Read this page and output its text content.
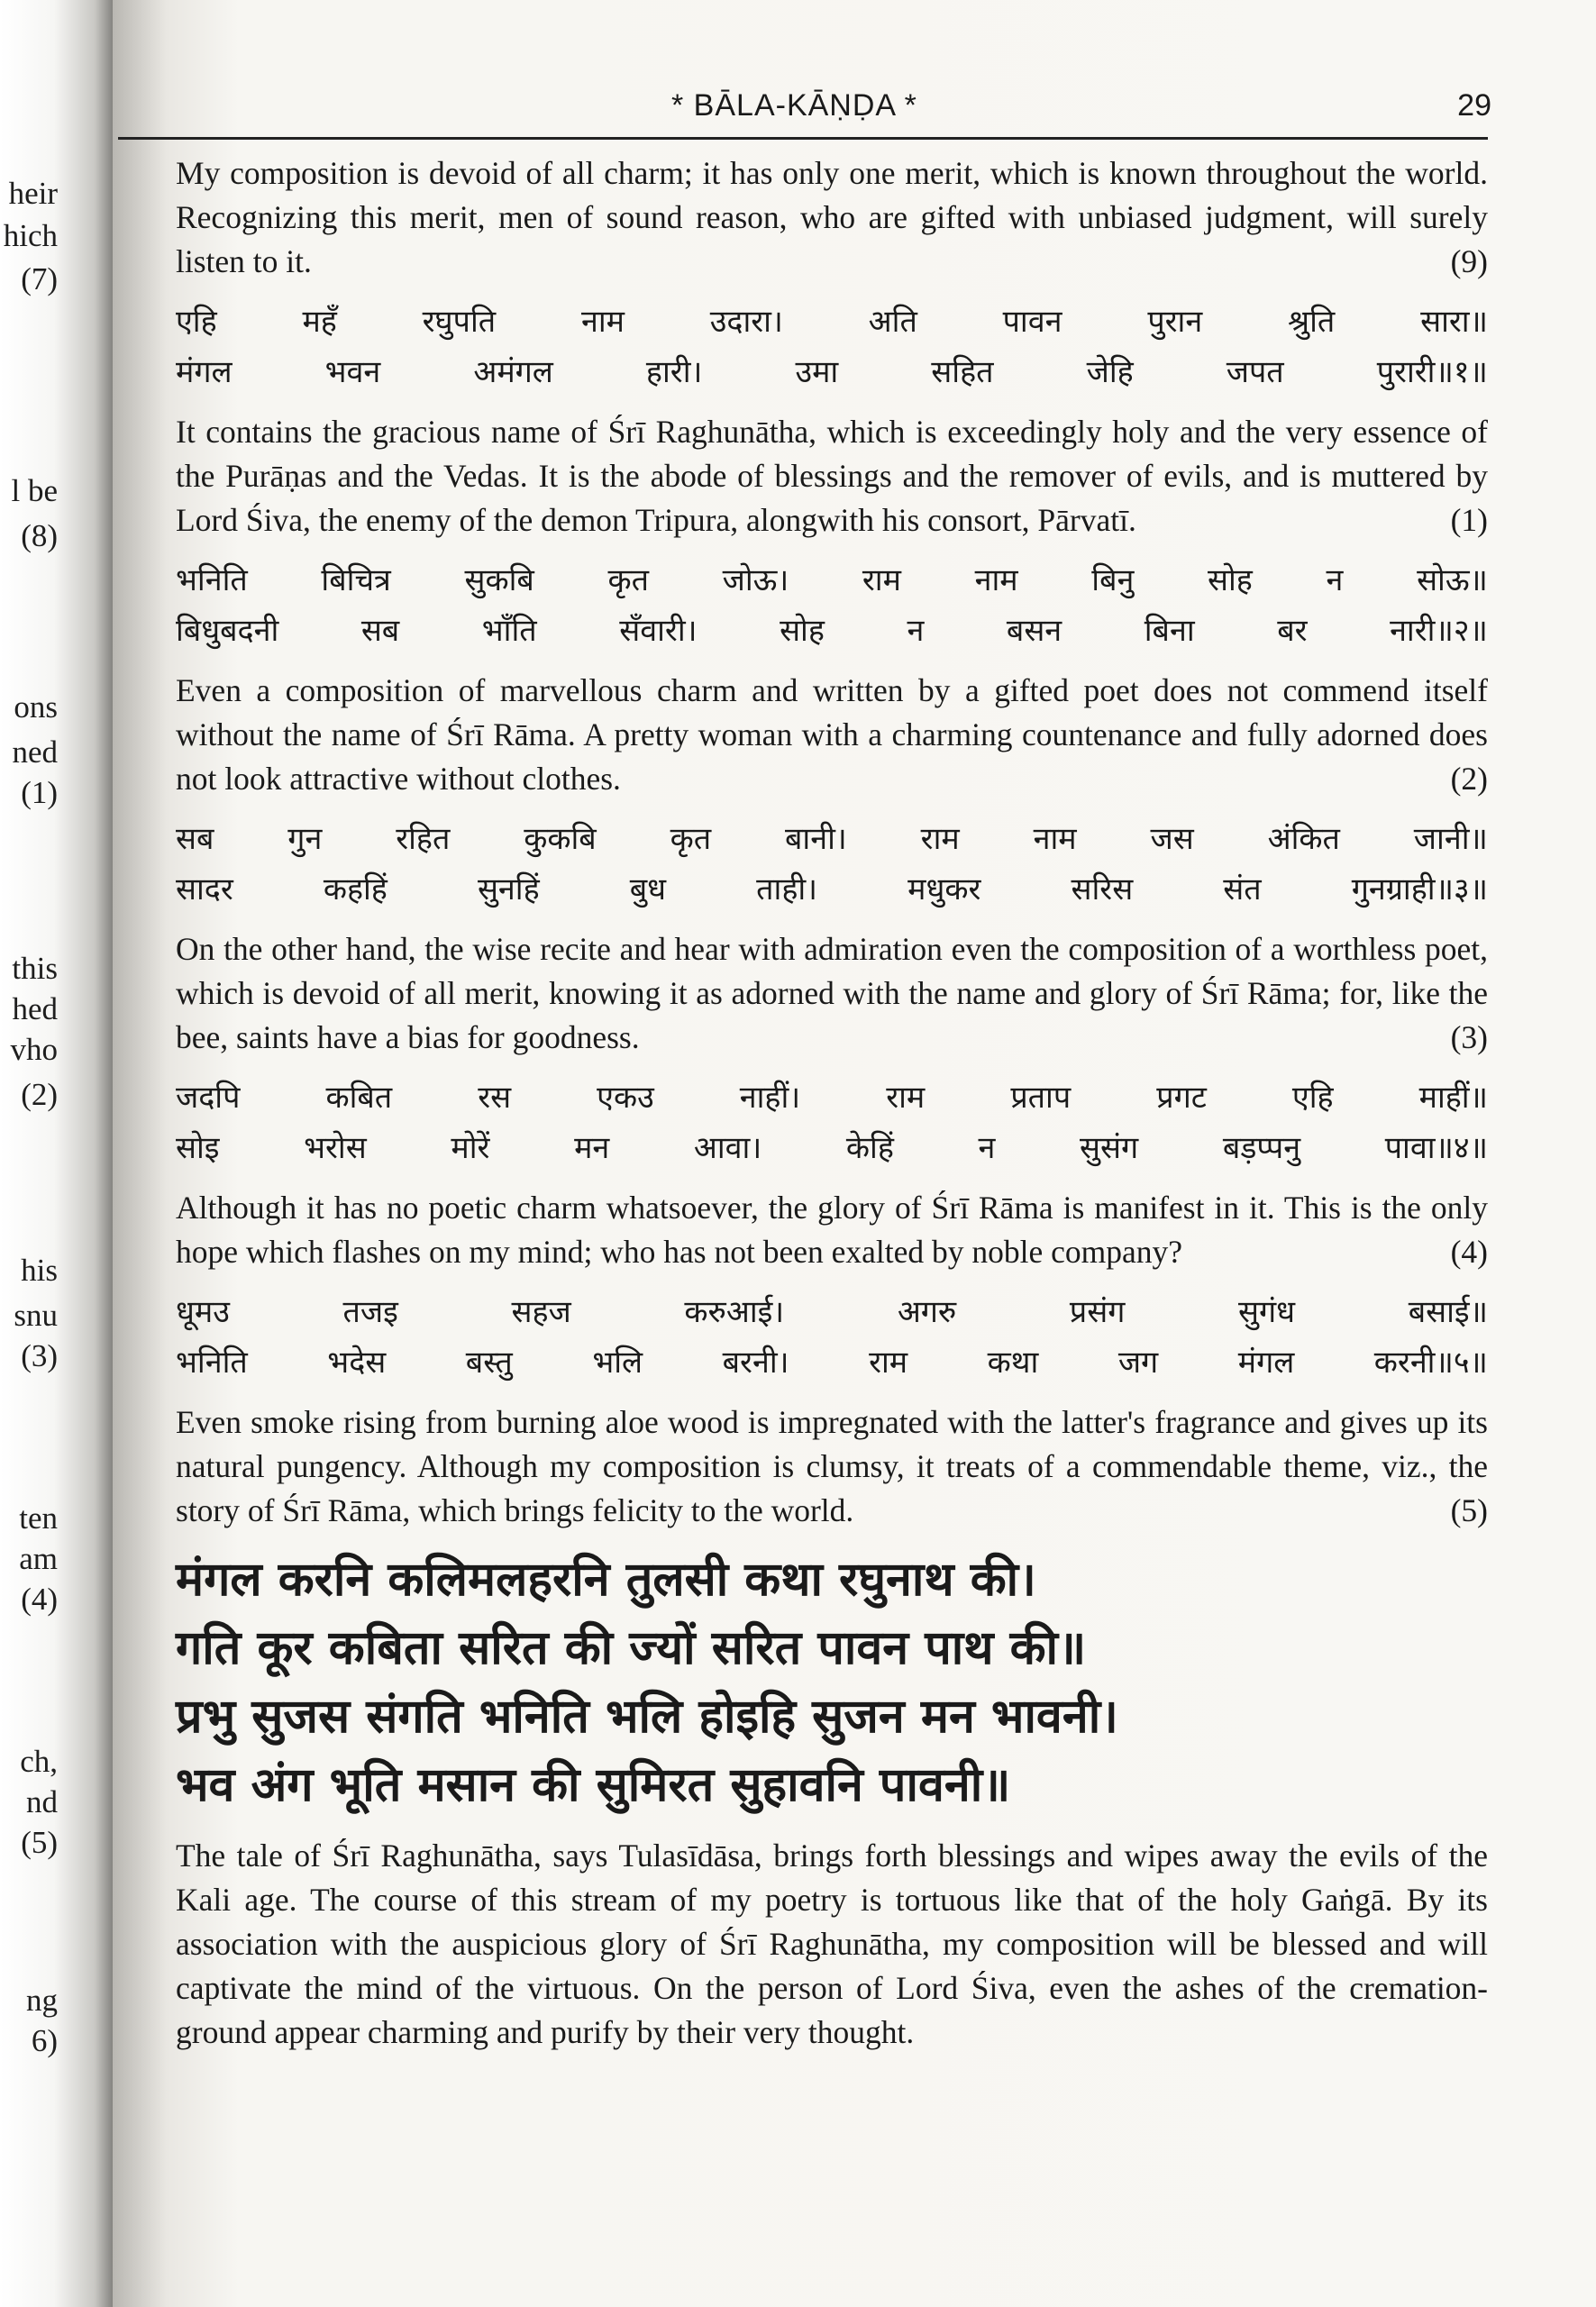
heir
hich
(7)
l be
(8)
ons
ned
(1)
this
hed
vho
(2)
his
snu
(3)
ten
am
(4)
ch,
nd
(5)
ng
6)
* BĀLA-KĀṆḌA *	29

My composition is devoid of all charm; it has only one merit, which is known throughout the world. Recognizing this merit, men of sound reason, who are gifted with unbiased judgment, will surely listen to it.	(9)

एहि	महँ	रघुपति	नाम	उदारा।	अति	पावन	पुरान	श्रुति	सारा॥
मंगल	भवन	अमंगल	हारी।	उमा	सहित	जेहि	जपत	पुरारी॥१॥

It contains the gracious name of Śrī Raghunātha, which is exceedingly holy and the very essence of the Purāṇas and the Vedas. It is the abode of blessings and the remover of evils, and is muttered by Lord Śiva, the enemy of the demon Tripura, alongwith his consort, Pārvatī.	(1)

भनिति बिचित्र सुकबि कृत जोऊ। राम नाम बिनु सोह न सोऊ॥
बिधुबदनी	सब	भाँति	सँवारी।	सोह	न	बसन	बिना	बर	नारी॥२॥

Even a composition of marvellous charm and written by a gifted poet does not commend itself without the name of Śrī Rāma. A pretty woman with a charming countenance and fully adorned does not look attractive without clothes.	(2)

सब गुन रहित कुकबि कृत बानी। राम नाम जस अंकित जानी॥
सादर	कहहिं	सुनहिं	बुध	ताही।	मधुकर	सरिस	संत	गुनग्राही॥३॥

On the other hand, the wise recite and hear with admiration even the composition of a worthless poet, which is devoid of all merit, knowing it as adorned with the name and glory of Śrī Rāma; for, like the bee, saints have a bias for goodness.	(3)

जदपि	कबित	रस	एकउ	नाहीं।	राम	प्रताप	प्रगट	एहि	माहीं॥
सोइ	भरोस	मोरें	मन	आवा।	केहिं	न	सुसंग	बड़प्पनु	पावा॥४॥

Although it has no poetic charm whatsoever, the glory of Śrī Rāma is manifest in it. This is the only hope which flashes on my mind; who has not been exalted by noble company?	(4)

धूमउ	तजइ	सहज	करुआई।	अगरु	प्रसंग	सुगंध	बसाई॥
भनिति	भदेस	बस्तु	भलि	बरनी।	राम	कथा	जग	मंगल	करनी॥५॥

Even smoke rising from burning aloe wood is impregnated with the latter's fragrance and gives up its natural pungency. Although my composition is clumsy, it treats of a commendable theme, viz., the story of Śrī Rāma, which brings felicity to the world.	(5)

मंगल करनि कलिमलहरनि तुलसी कथा रघुनाथ की।
गति कूर कबिता सरित की ज्यों सरित पावन पाथ की॥
प्रभु सुजस संगति भनिति भलि होइहि सुजन मन भावनी।
भव अंग भूति मसान की सुमिरत सुहावनि पावनी॥

The tale of Śrī Raghunātha, says Tulasīdāsa, brings forth blessings and wipes away the evils of the Kali age. The course of this stream of my poetry is tortuous like that of the holy Gaṅgā. By its association with the auspicious glory of Śrī Raghunātha, my composition will be blessed and will captivate the mind of the virtuous. On the person of Lord Śiva, even the ashes of the cremation-ground appear charming and purify by their very thought.
